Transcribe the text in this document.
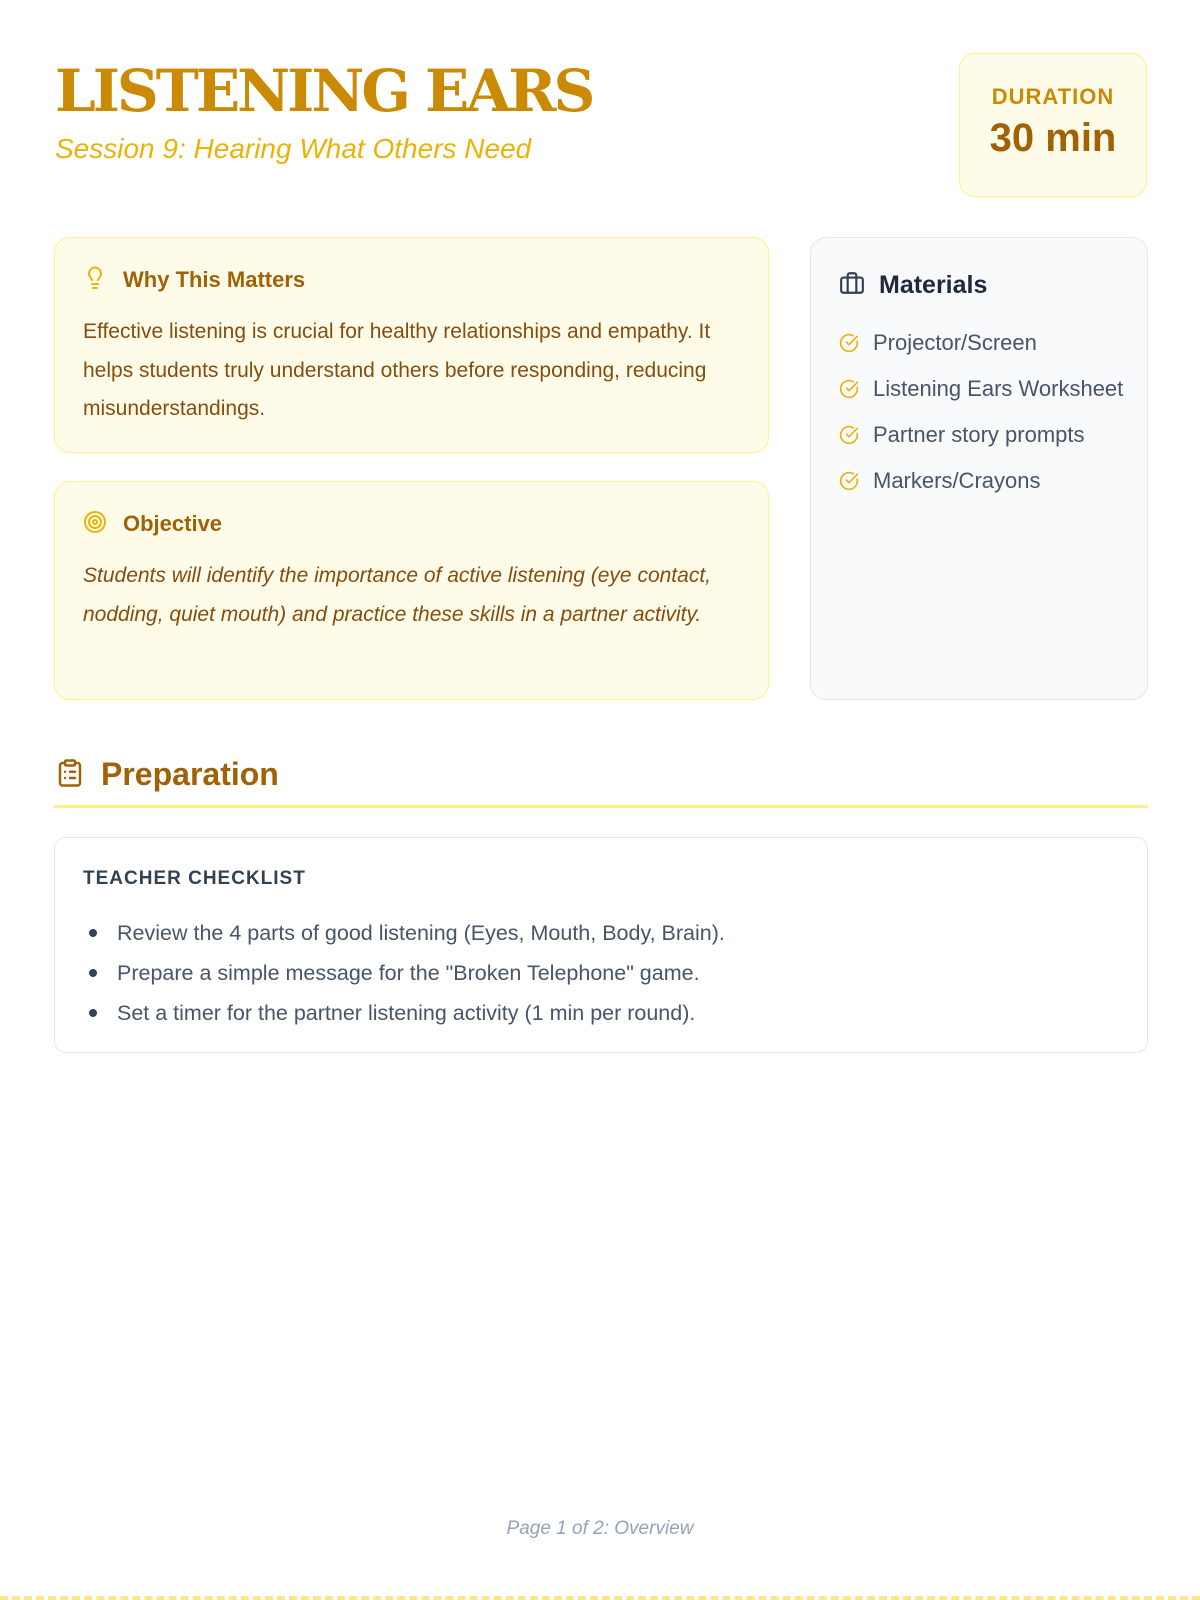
LISTENING EARS
Session 9: Hearing What Others Need
DURATION
30 min
Why This Matters
Effective listening is crucial for healthy relationships and empathy. It helps students truly understand others before responding, reducing misunderstandings.
Objective
Students will identify the importance of active listening (eye contact, nodding, quiet mouth) and practice these skills in a partner activity.
Materials
Projector/Screen
Listening Ears Worksheet
Partner story prompts
Markers/Crayons
Preparation
TEACHER CHECKLIST
Review the 4 parts of good listening (Eyes, Mouth, Body, Brain).
Prepare a simple message for the "Broken Telephone" game.
Set a timer for the partner listening activity (1 min per round).
Page 1 of 2: Overview
